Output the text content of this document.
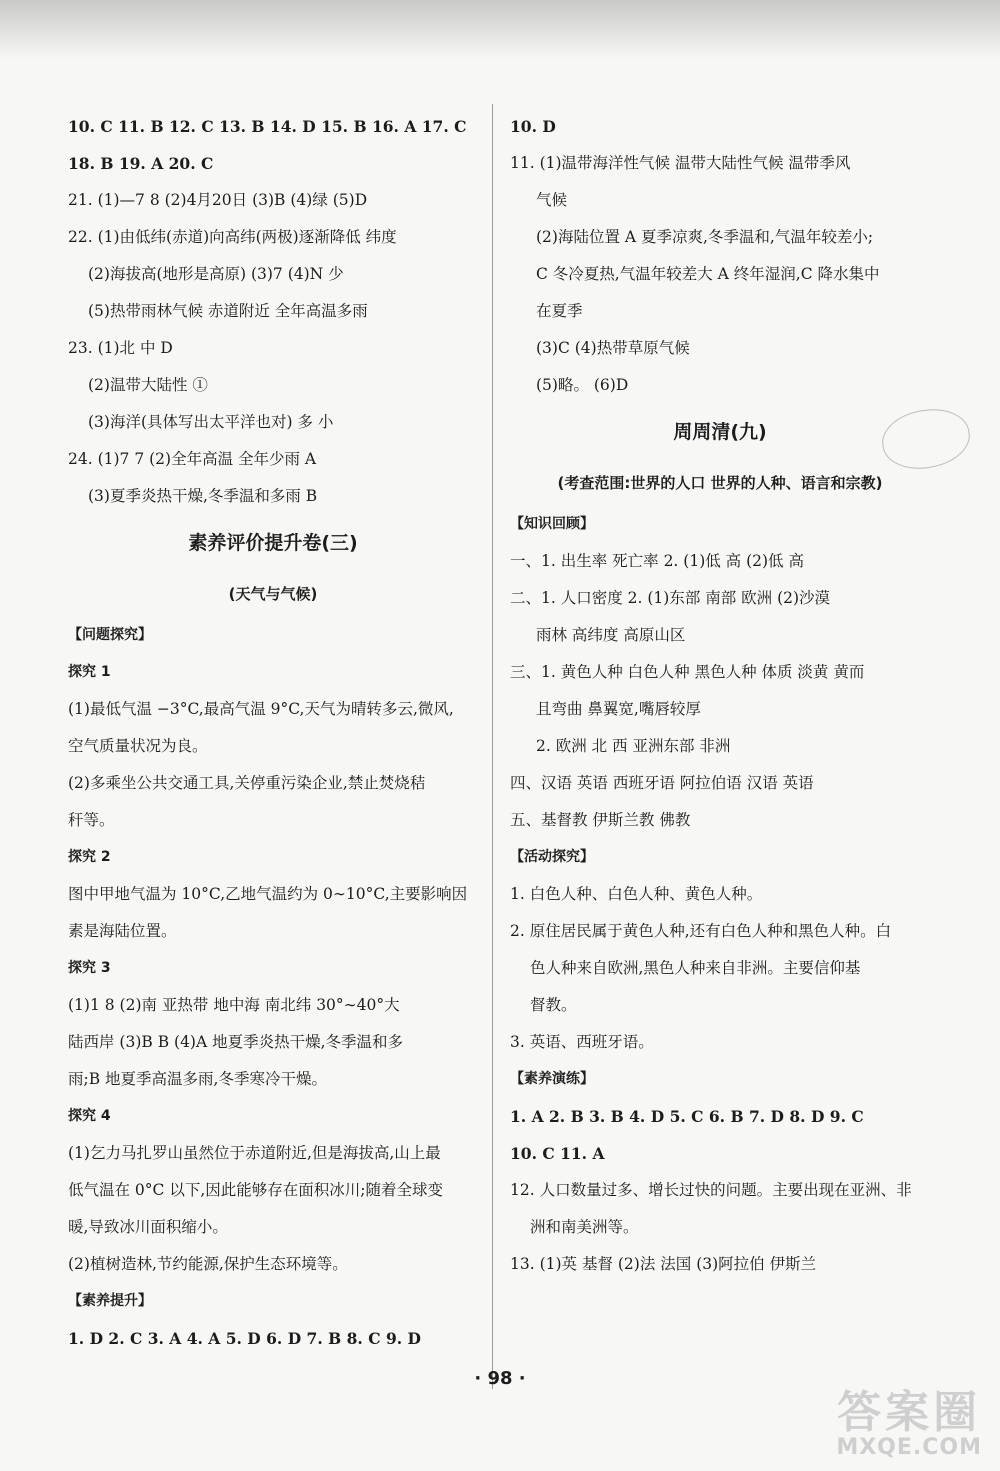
10. C 11. B 12. C 13. B 14. D 15. B 16. A 17. C
18. B 19. A 20. C
21. (1)—7 8 (2)4月20日 (3)B (4)绿 (5)D
22. (1)由低纬(赤道)向高纬(两极)逐渐降低 纬度
(2)海拔高(地形是高原) (3)7 (4)N 少
(5)热带雨林气候 赤道附近 全年高温多雨
23. (1)北 中 D
(2)温带大陆性 ①
(3)海洋(具体写出太平洋也对) 多 小
24. (1)7 7 (2)全年高温 全年少雨 A
(3)夏季炎热干燥,冬季温和多雨 B
素养评价提升卷(三)
(天气与气候)
【问题探究】
探究 1
(1)最低气温 −3°C,最高气温 9°C,天气为晴转多云,微风,
空气质量状况为良。
(2)多乘坐公共交通工具,关停重污染企业,禁止焚烧秸
秆等。
探究 2
图中甲地气温为 10°C,乙地气温约为 0∼10°C,主要影响因
素是海陆位置。
探究 3
(1)1 8 (2)南 亚热带 地中海 南北纬 30°∼40°大
陆西岸 (3)B B (4)A 地夏季炎热干燥,冬季温和多
雨;B 地夏季高温多雨,冬季寒冷干燥。
探究 4
(1)乞力马扎罗山虽然位于赤道附近,但是海拔高,山上最
低气温在 0°C 以下,因此能够存在面积冰川;随着全球变
暖,导致冰川面积缩小。
(2)植树造林,节约能源,保护生态环境等。
【素养提升】
1. D 2. C 3. A 4. A 5. D 6. D 7. B 8. C 9. D
10. D
11. (1)温带海洋性气候 温带大陆性气候 温带季风
气候
(2)海陆位置 A 夏季凉爽,冬季温和,气温年较差小;
C 冬冷夏热,气温年较差大 A 终年湿润,C 降水集中
在夏季
(3)C (4)热带草原气候
(5)略。 (6)D
周周清(九)
(考查范围:世界的人口 世界的人种、语言和宗教)
【知识回顾】
一、1. 出生率 死亡率 2. (1)低 高 (2)低 高
二、1. 人口密度 2. (1)东部 南部 欧洲 (2)沙漠
雨林 高纬度 高原山区
三、1. 黄色人种 白色人种 黑色人种 体质 淡黄 黄而
且弯曲 鼻翼宽,嘴唇较厚
2. 欧洲 北 西 亚洲东部 非洲
四、汉语 英语 西班牙语 阿拉伯语 汉语 英语
五、基督教 伊斯兰教 佛教
【活动探究】
1. 白色人种、白色人种、黄色人种。
2. 原住居民属于黄色人种,还有白色人种和黑色人种。白
色人种来自欧洲,黑色人种来自非洲。主要信仰基
督教。
3. 英语、西班牙语。
【素养演练】
1. A 2. B 3. B 4. D 5. C 6. B 7. D 8. D 9. C
10. C 11. A
12. 人口数量过多、增长过快的问题。主要出现在亚洲、非
洲和南美洲等。
13. (1)英 基督 (2)法 法国 (3)阿拉伯 伊斯兰
· 98 ·
答案圈
MXQE.COM
